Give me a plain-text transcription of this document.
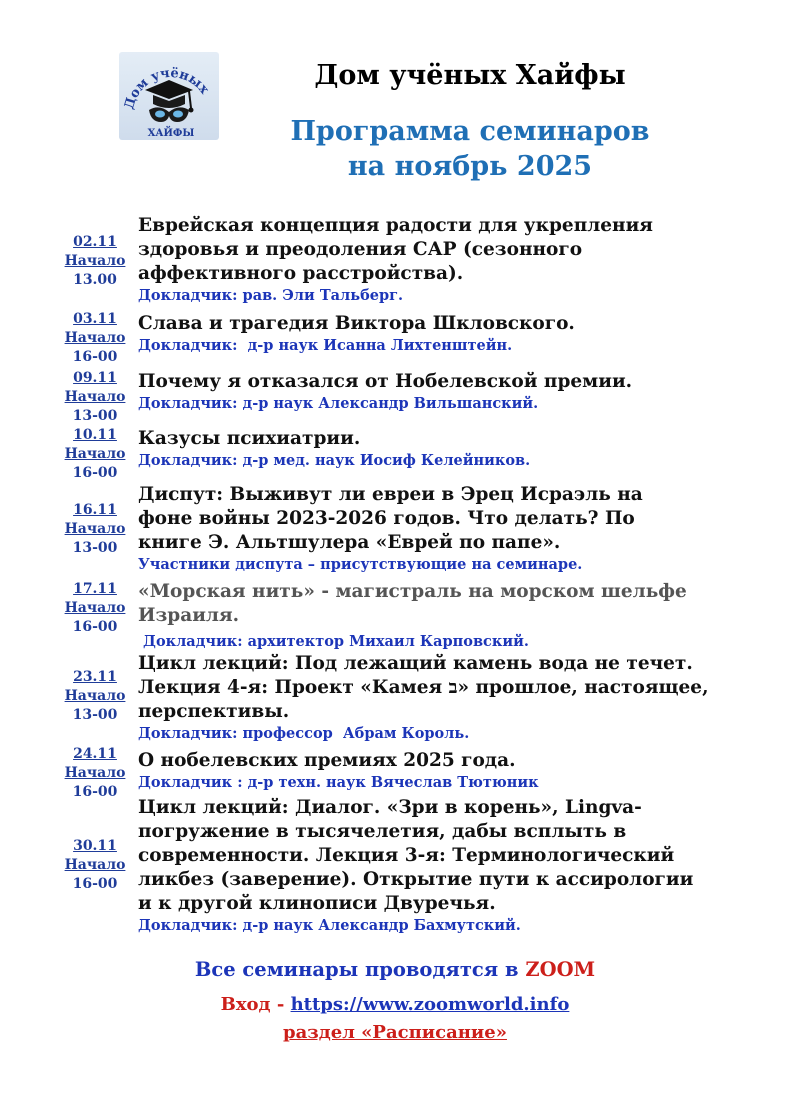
Дом учёных
ХАЙФЫ
Дом учёных Хайфы
Программа семинаров
на ноябрь 2025
02.11
Начало
13.00
Еврейская концепция радости для укрепления
здоровья и преодоления САР (сезонного
аффективного расстройства).
Докладчик: рав. Эли Тальберг.
03.11
Начало
16-00
Слава и трагедия Виктора Шкловского.
Докладчик:  д-р наук Исанна Лихтенштейн.
09.11
Начало
13-00
Почему я отказался от Нобелевской премии.
Докладчик: д-р наук Александр Вильшанский.
10.11
Начало
16-00
Казусы психиатрии.
Докладчик: д-р мед. наук Иосиф Келейников.
16.11
Начало
13-00
Диспут: Выживут ли евреи в Эрец Исраэль на
фоне войны 2023-2026 годов. Что делать? По
книге Э. Альтшулера «Еврей по папе».
Участники диспута – присутствующие на семинаре.
17.11
Начало
16-00
«Морская нить» - магистраль на морском шельфе
Израиля.
Докладчик: архитектор Михаил Карповский.
23.11
Начало
13-00
Цикл лекций: Под лежащий камень вода не течет.
Лекция 4-я: Проект «Камея ב» прошлое, настоящее,
перспективы.
Докладчик: профессор  Абрам Король.
24.11
Начало
16-00
О нобелевских премиях 2025 года.
Докладчик : д-р техн. наук Вячеслав Тютюник
30.11
Начало
16-00
Цикл лекций: Диалог. «Зри в корень», Lingva-
погружение в тысячелетия, дабы всплыть в
современности. Лекция 3-я: Терминологический
ликбез (заверение). Открытие пути к ассирологии
и к другой клинописи Двуречья.
Докладчик: д-р наук Александр Бахмутский.
Все семинары проводятся в ZOOM
Вход - https://www.zoomworld.info
раздел «Расписание»
